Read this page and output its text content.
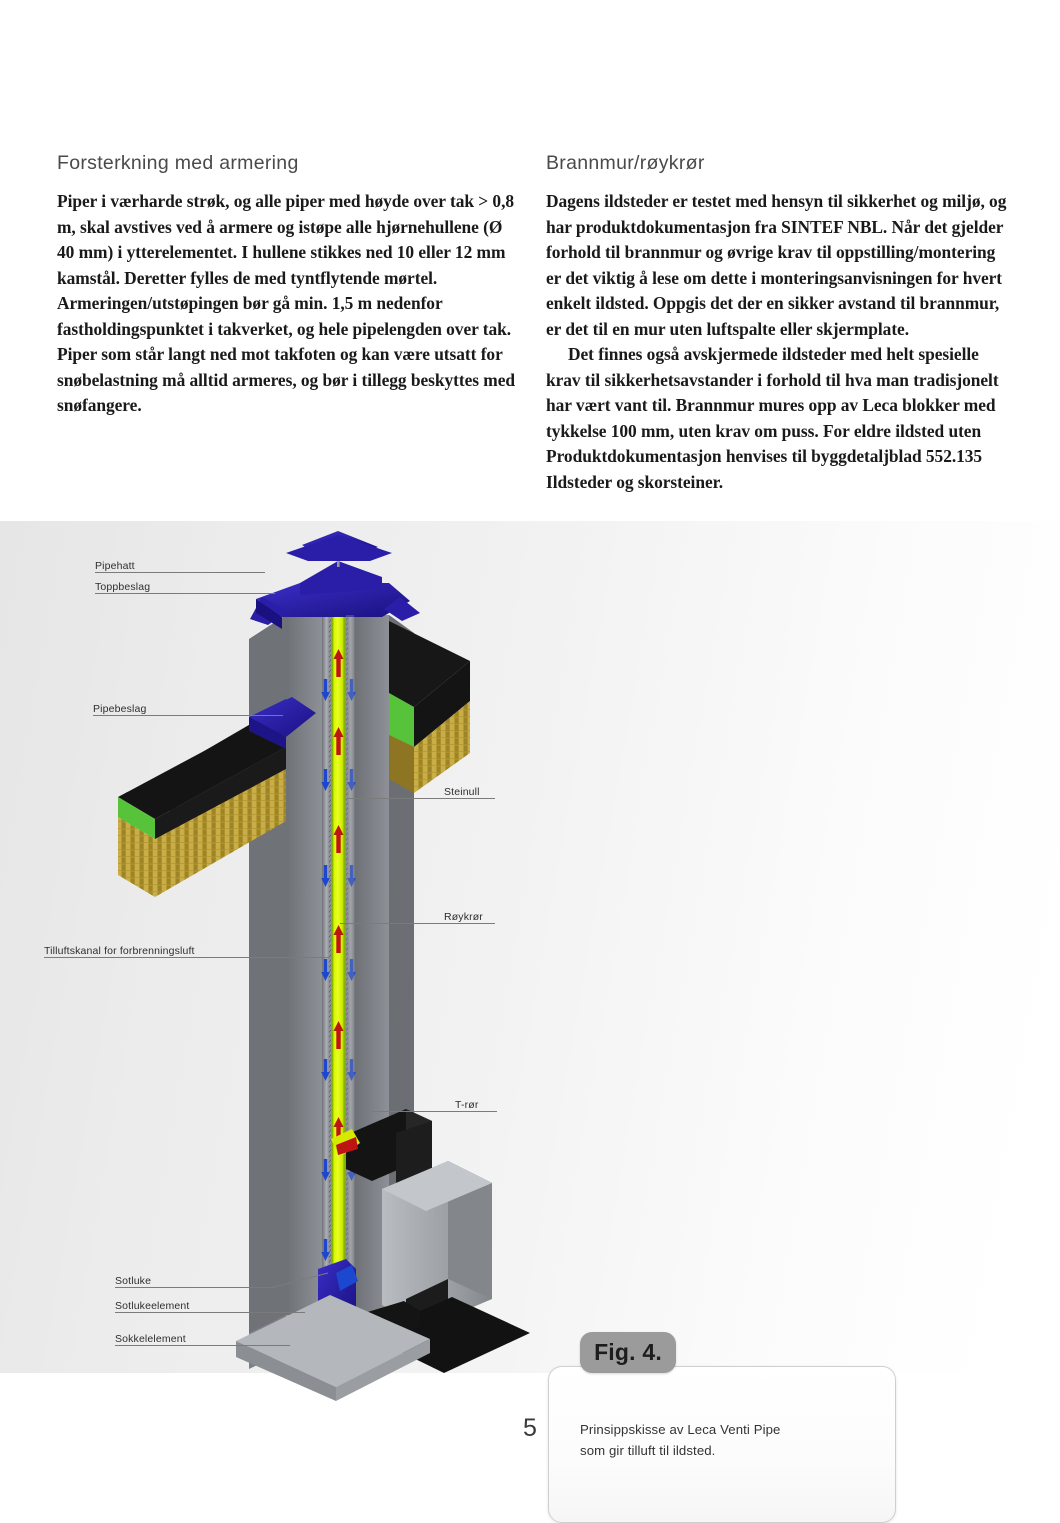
Forsterkning med armering

Piper i værharde strøk, og alle piper med høyde over tak > 0,8 m, skal avstives ved å armere og istøpe alle hjørnehullene (Ø 40 mm) i ytterelementet. I hullene stikkes ned 10 eller 12 mm kamstål. Deretter fylles de med tyntflytende mørtel. Armeringen/utstøpingen bør gå min. 1,5 m nedenfor fastholdingspunktet i takverket, og hele pipelengden over tak. Piper som står langt ned mot takfoten og kan være utsatt for snøbelastning må alltid armeres, og bør i tillegg beskyttes med snøfangere.

Brannmur/røykrør

Dagens ildsteder er testet med hensyn til sikkerhet og miljø, og har produktdokumentasjon fra SINTEF NBL. Når det gjelder forhold til brannmur og øvrige krav til oppstilling/montering er det viktig å lese om dette i monteringsanvisningen for hvert enkelt ildsted. Oppgis det der en sikker avstand til brannmur, er det til en mur uten luftspalte eller skjermplate.

Det finnes også avskjermede ildsteder med helt spesielle krav til sikkerhetsavstander i forhold til hva man tradisjonelt har vært vant til. Brannmur mures opp av Leca blokker med tykkelse 100 mm, uten krav om puss. For eldre ildsted uten Produktdokumentasjon henvises til byggdetaljblad 552.135 Ildsteder og skorsteiner.

Pipehatt
Toppbeslag
Pipebeslag
Steinull
Røykrør
Tilluftskanal for forbrenningsluft
T-rør
Sotluke
Sotlukeelement
Sokkelelement
Prinsippskisse av Leca Venti Pipe
som gir tilluft til ildsted.
Fig. 4.
5
